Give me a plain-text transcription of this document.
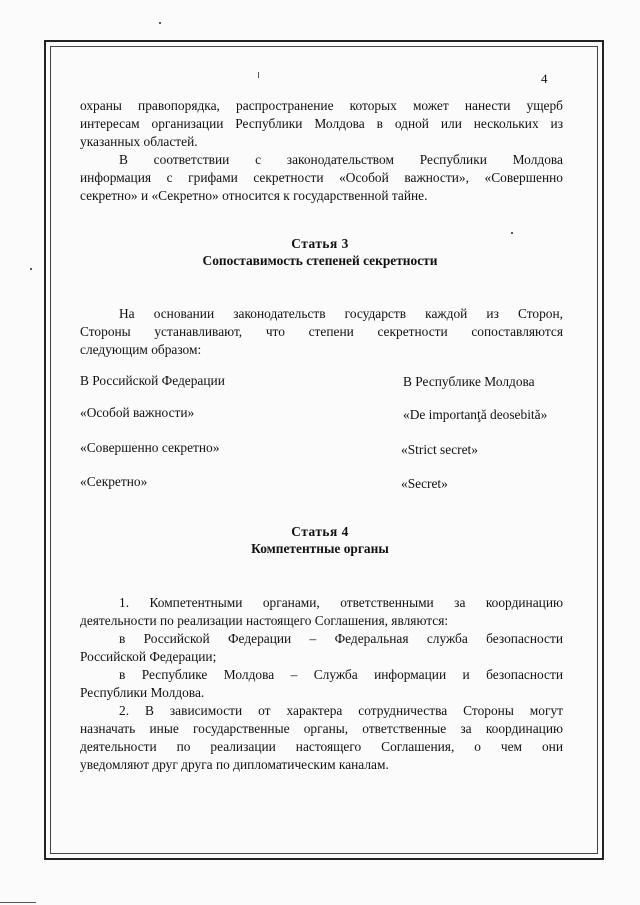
4

охраны правопорядка, распространение которых может нанести ущерб

интересам организации Республики Молдова в одной или нескольких из

указанных областей.

В соответствии с законодательством Республики Молдова

информация с грифами секретности «Особой важности», «Совершенно

секретно» и «Секретно» относится к государственной тайне.

Статья 3
Сопоставимость степеней секретности

На основании законодательств государств каждой из Сторон,

Стороны устанавливают, что степени секретности сопоставляются

следующим образом:

В Российской Федерации	В Республике Молдова
«Особой важности»	«De importanţă deosebită»
«Совершенно секретно»	«Strict secret»
«Секретно»	«Secret»
Статья 4
Компетентные органы

1. Компетентными органами, ответственными за координацию

деятельности по реализации настоящего Соглашения, являются:

в Российской Федерации – Федеральная служба безопасности

Российской Федерации;

в Республике Молдова – Служба информации и безопасности

Республики Молдова.

2. В зависимости от характера сотрудничества Стороны могут

назначать иные государственные органы, ответственные за координацию

деятельности по реализации настоящего Соглашения, о чем они

уведомляют друг друга по дипломатическим каналам.
